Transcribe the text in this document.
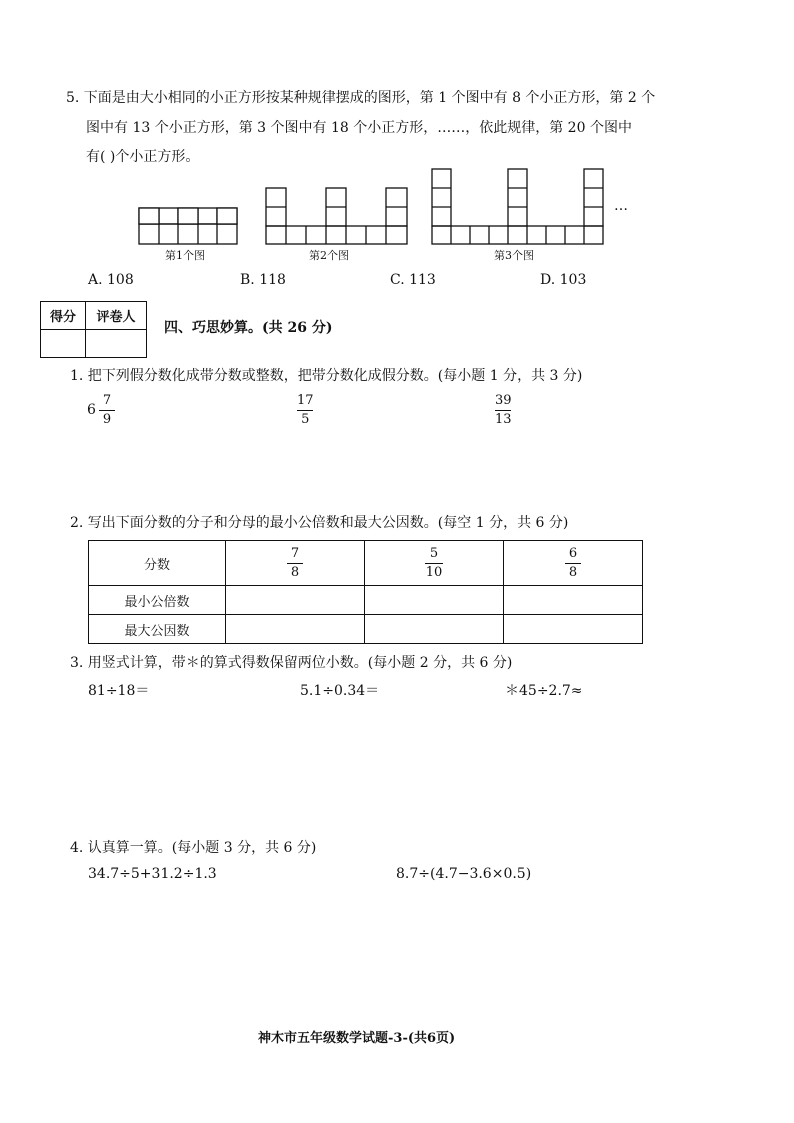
5. 下面是由大小相同的小正方形按某种规律摆成的图形，第 1 个图中有 8 个小正方形，第 2 个
图中有 13 个小正方形，第 3 个图中有 18 个小正方形，……，依此规律，第 20 个图中
有( )个小正方形。
…
第1个图	第2个图	第3个图
A. 108	B. 118	C. 113	D. 103
得分	评卷人

四、巧思妙算。(共 26 分)
1. 把下列假分数化成带分数或整数，把带分数化成假分数。(每小题 1 分，共 3 分)
6
7
9
17
5
39
13
2. 写出下面分数的分子和分母的最小公倍数和最大公因数。(每空 1 分，共 6 分)
分数	$\frac{7}{8}$	$\frac{5}{10}$	$\frac{6}{8}$

最小公倍数			
最大公因数			
3. 用竖式计算，带＊的算式得数保留两位小数。(每小题 2 分，共 6 分)
81÷18＝	5.1÷0.34＝	＊45÷2.7≈
4. 认真算一算。(每小题 3 分，共 6 分)
34.7÷5+31.2÷1.3	8.7÷(4.7−3.6×0.5)
神木市五年级数学试题-3-(共6页)
